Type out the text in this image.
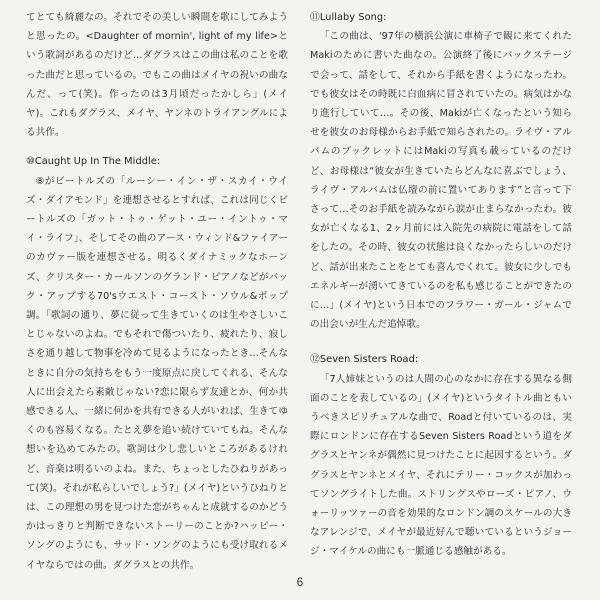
てとても綺麗なの。それでその美しい瞬間を歌にしてみようと思ったの。<Daughter of mornin', light of my life>という歌詞があるのだけど…ダグラスはこの曲は私のことを歌った曲だと思っているの。でもこの曲はメイヤの祝いの曲なんだ、って(笑)。作ったのは3月頃だったかしら」(メイヤ)。これもダグラス、メイヤ、ヤンネのトライアングルによる共作。

⑩Caught Up In The Middle:

⑧がビートルズの「ルーシー・イン・ザ・スカイ・ウイズ・ダイアモンド」を連想させるとすれば、これは同じくビートルズの「ガット・トゥ・ゲット・ユー・イントゥ・マイ・ライフ」、そしてその曲のアース・ウィンド&ファイアーのカヴァー版を連想させる。明るくダイナミックなホーンズ、クリスター・カールソンのグランド・ピアノなどがバック・アップする70'sウエスト・コースト・ソウル&ポップ調。「歌詞の通り、夢に従って生きていくのは生やさしいことじゃないのよね。でもそれで傷ついたり、疲れたり、寂しさを通り越して物事を冷めて見るようになったとき…そんなときに自分の気持ちをもう一度原点に戻してくれる、そんな人に出会えたら素敵じゃない?恋に限らず友達とか、何か共感できる人、一緒に何かを共有できる人がいれば、生きてゆくのも容易くなる。たとえ夢を追い続けていてもね。そんな想いを込めてみたの。歌詞は少し悲しいところがあるけれど、音楽は明るいのよね。また、ちょっとしたひねりがあって(笑)。それが私らしいでしょう?」(メイヤ)というひねりとは、この理想の男を見つけた恋がちゃんと成就するのかどうかはっきりと判断できないストーリーのことか?ハッピー・ソングのようにも、サッド・ソングのようにも受け取れるメイヤならではの曲。ダグラスとの共作。

⑪Lullaby Song:

「この曲は、'97年の横浜公演に車椅子で観に来てくれたMakiのために書いた曲なの。公演終了後にバックステージで会って、話をして、それから手紙を書くようになったわ。でも彼女はその時既に白血病に冒されていたの。病気はかなり進行していて…。その後、Makiが亡くなったという知らせを彼女のお母様からお手紙で知らされたの。ライヴ・アルバムのブックレットにはMakiの写真も載っているのだけど、お母様は“彼女が生きていたらどんなに喜ぶでしょう、ライヴ・アルバムは仏壇の前に置いてあります”と言って下さって…そのお手紙を読みながら涙が止まらなかったわ。彼女が亡くなる1、2ヶ月前には入院先の病院に電話をして話をしたの。その時、彼女の状態は良くなかったらしいのだけど、話が出来たことをとても喜んでくれて。彼女に少しでもエネルギーが湧いてきているのを私も感じることができたのに…」(メイヤ)という日本でのフラワー・ガール・ジャムでの出会いが生んだ追悼歌。

⑫Seven Sisters Road:

「7人姉妹というのは人間の心のなかに存在する異なる側面のことを表しているの」(メイヤ)というタイトル曲ともいうべきスピリチュアルな曲で、Roadと付いているのは、実際にロンドンに存在するSeven Sisters Roadという道をダグラスとヤンネが偶然に見つけたことに起因するという。ダグラスとヤンネとメイヤ、それにテリー・コックスが加わってソングライトした曲。ストリングスやローズ・ピアノ、ウォーリッツァーの音を効果的なロンドン調のスケールの大きなアレンジで、メイヤが最近好んで聴いているというジョージ・マイケルの曲にも一脈通じる感触がある。

6
